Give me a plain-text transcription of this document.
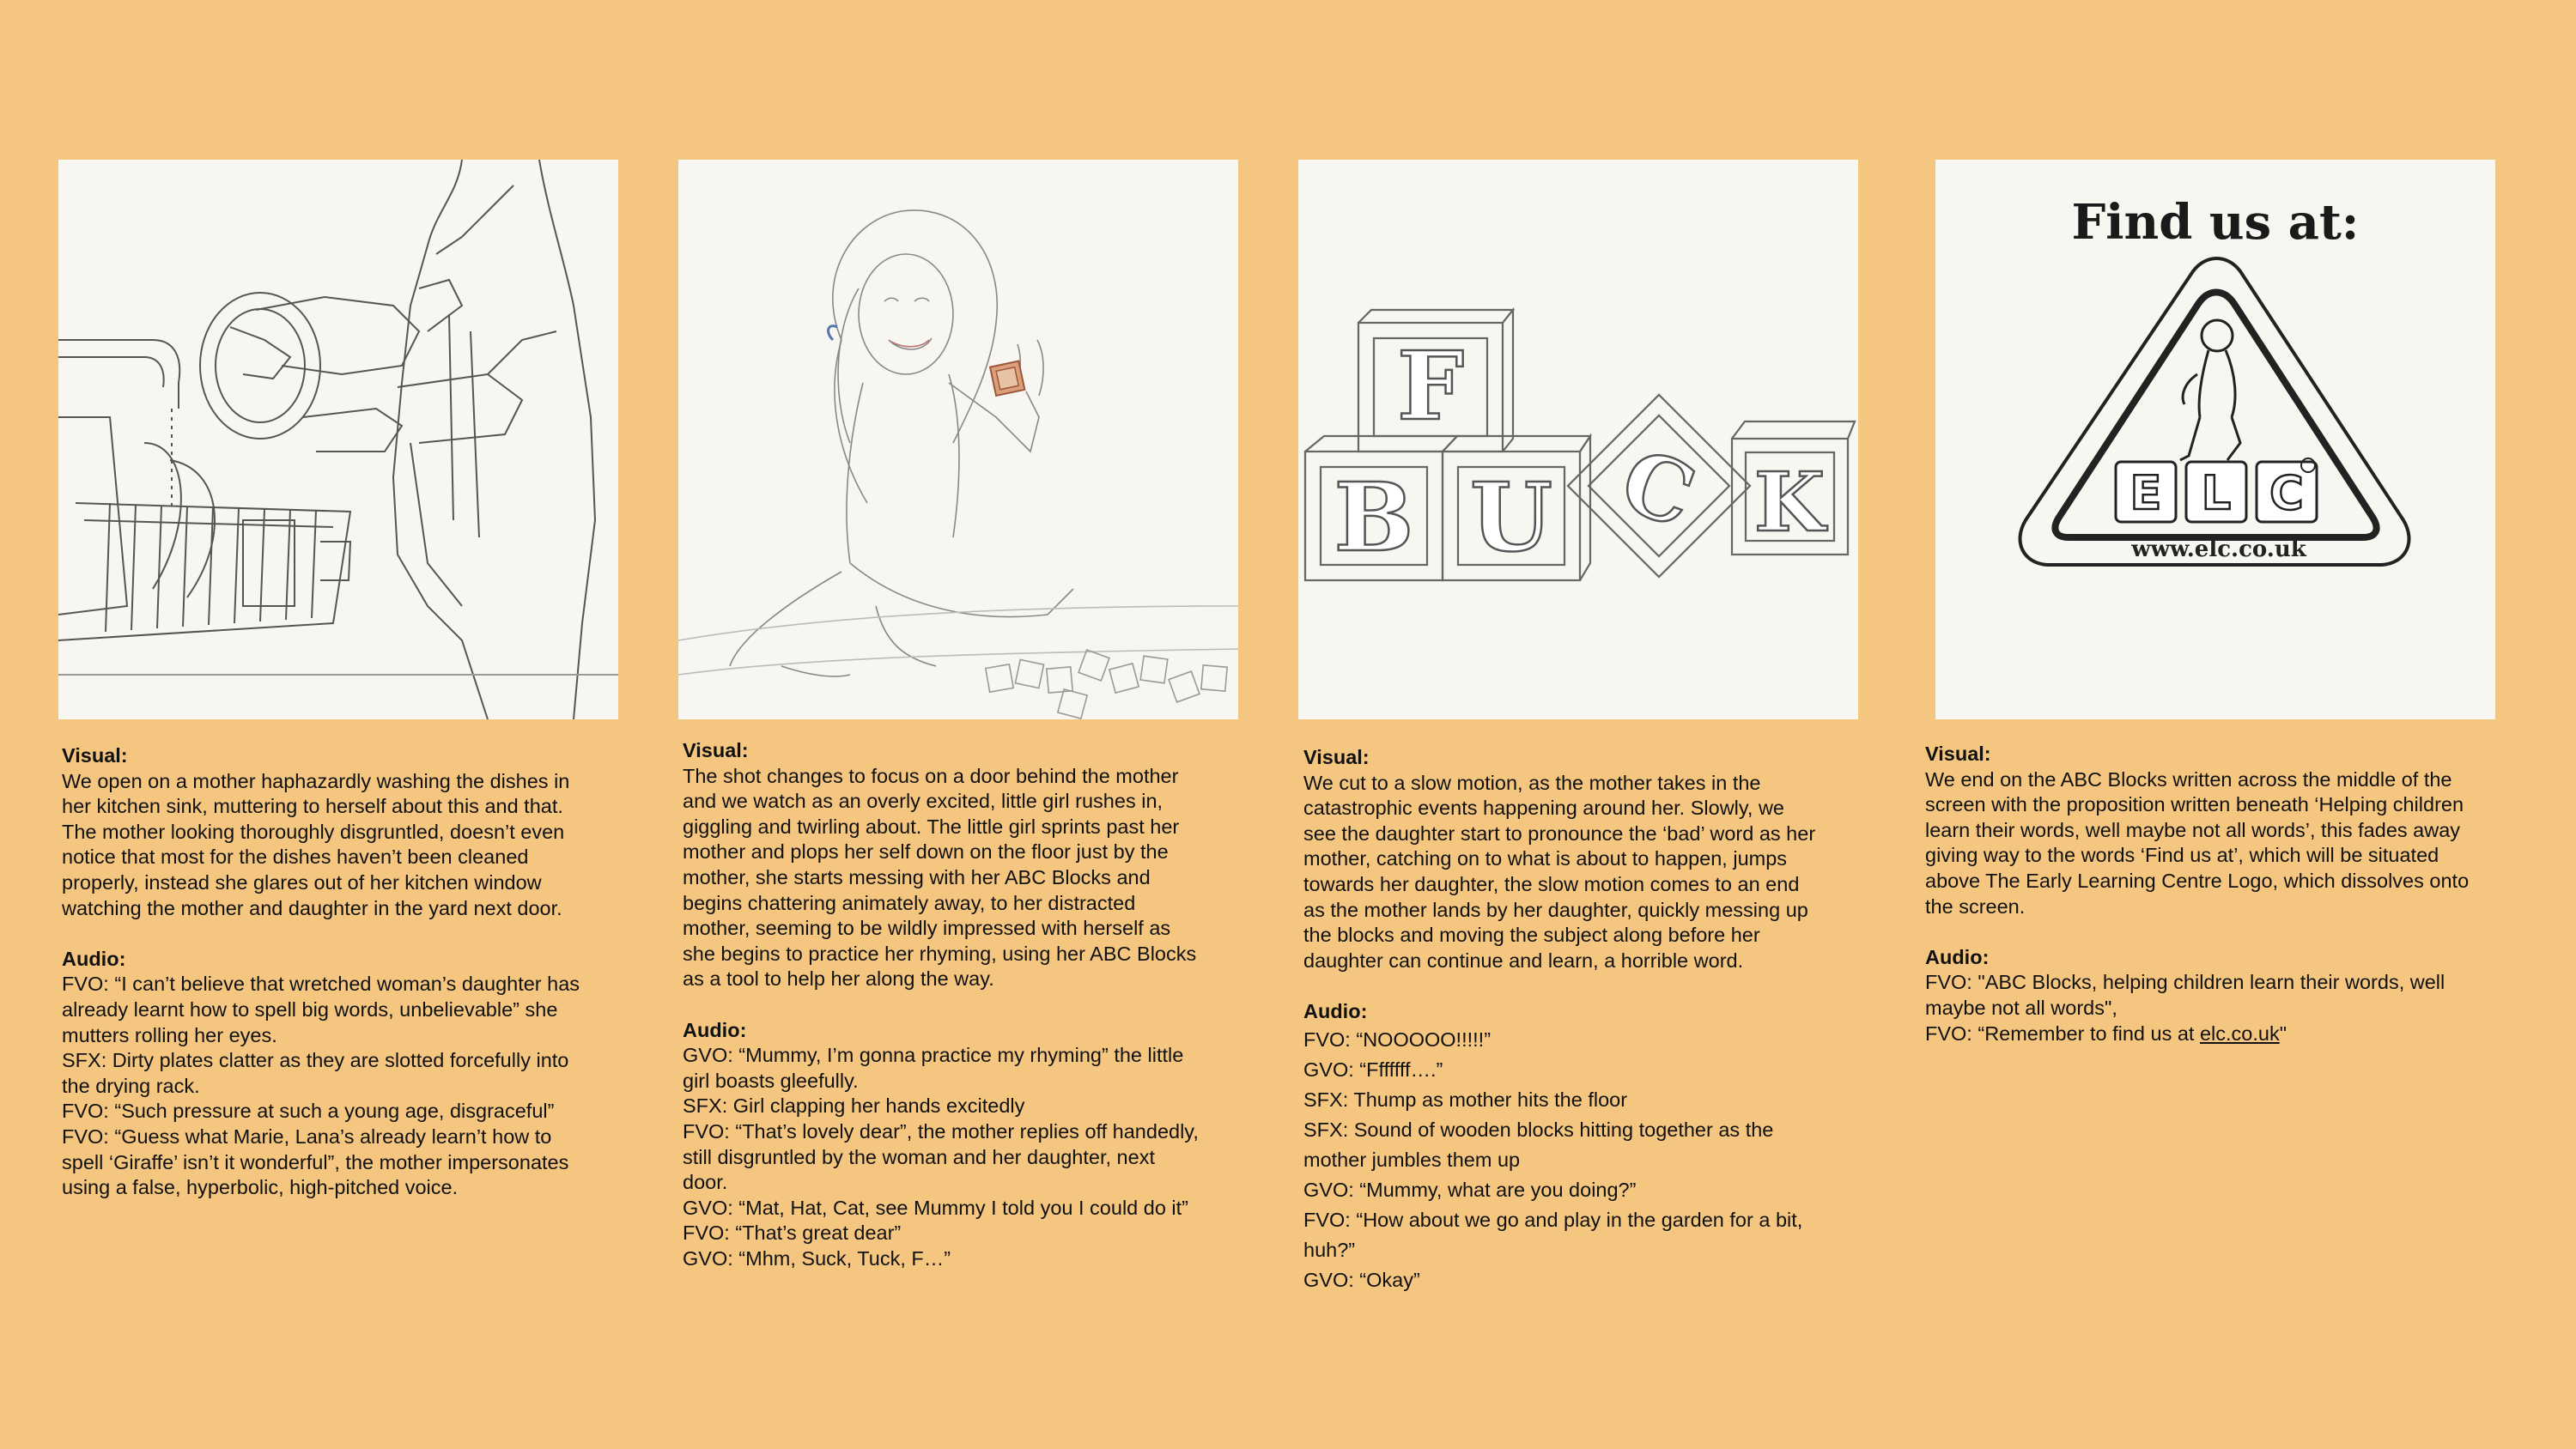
F
B U C K
Find us at:
E L C
www.elc.co.uk
Visual:
We open on a mother haphazardly washing the dishes in
her kitchen sink, muttering to herself about this and that.
The mother looking thoroughly disgruntled, doesn’t even
notice that most for the dishes haven’t been cleaned
properly, instead she glares out of her kitchen window
watching the mother and daughter in the yard next door.
Audio:
FVO: “I can’t believe that wretched woman’s daughter has
already learnt how to spell big words, unbelievable” she
mutters rolling her eyes.
SFX: Dirty plates clatter as they are slotted forcefully into
the drying rack.
FVO: “Such pressure at such a young age, disgraceful”
FVO: “Guess what Marie, Lana’s already learn’t how to
spell ‘Giraffe’ isn’t it wonderful”, the mother impersonates
using a false, hyperbolic, high-pitched voice.
Visual:
The shot changes to focus on a door behind the mother
and we watch as an overly excited, little girl rushes in,
giggling and twirling about. The little girl sprints past her
mother and plops her self down on the floor just by the
mother, she starts messing with her ABC Blocks and
begins chattering animately away, to her distracted
mother, seeming to be wildly impressed with herself as
she begins to practice her rhyming, using her ABC Blocks
as a tool to help her along the way.
Audio:
GVO: “Mummy, I’m gonna practice my rhyming” the little
girl boasts gleefully.
SFX: Girl clapping her hands excitedly
FVO: “That’s lovely dear”, the mother replies off handedly,
still disgruntled by the woman and her daughter, next
door.
GVO: “Mat, Hat, Cat, see Mummy I told you I could do it”
FVO: “That’s great dear”
GVO: “Mhm, Suck, Tuck, F…”
Visual:
We cut to a slow motion, as the mother takes in the
catastrophic events happening around her. Slowly, we
see the daughter start to pronounce the ‘bad’ word as her
mother, catching on to what is about to happen, jumps
towards her daughter, the slow motion comes to an end
as the mother lands by her daughter, quickly messing up
the blocks and moving the subject along before her
daughter can continue and learn, a horrible word.
Audio:
FVO: “NOOOOO!!!!!”
GVO: “Fffffff….”
SFX: Thump as mother hits the floor
SFX: Sound of wooden blocks hitting together as the
mother jumbles them up
GVO: “Mummy, what are you doing?”
FVO: “How about we go and play in the garden for a bit,
huh?”
GVO: “Okay”
Visual:
We end on the ABC Blocks written across the middle of the
screen with the proposition written beneath ‘Helping children
learn their words, well maybe not all words’, this fades away
giving way to the words ‘Find us at’, which will be situated
above The Early Learning Centre Logo, which dissolves onto
the screen.
Audio:
FVO: "ABC Blocks, helping children learn their words, well
maybe not all words",
FVO: “Remember to find us at elc.co.uk"
